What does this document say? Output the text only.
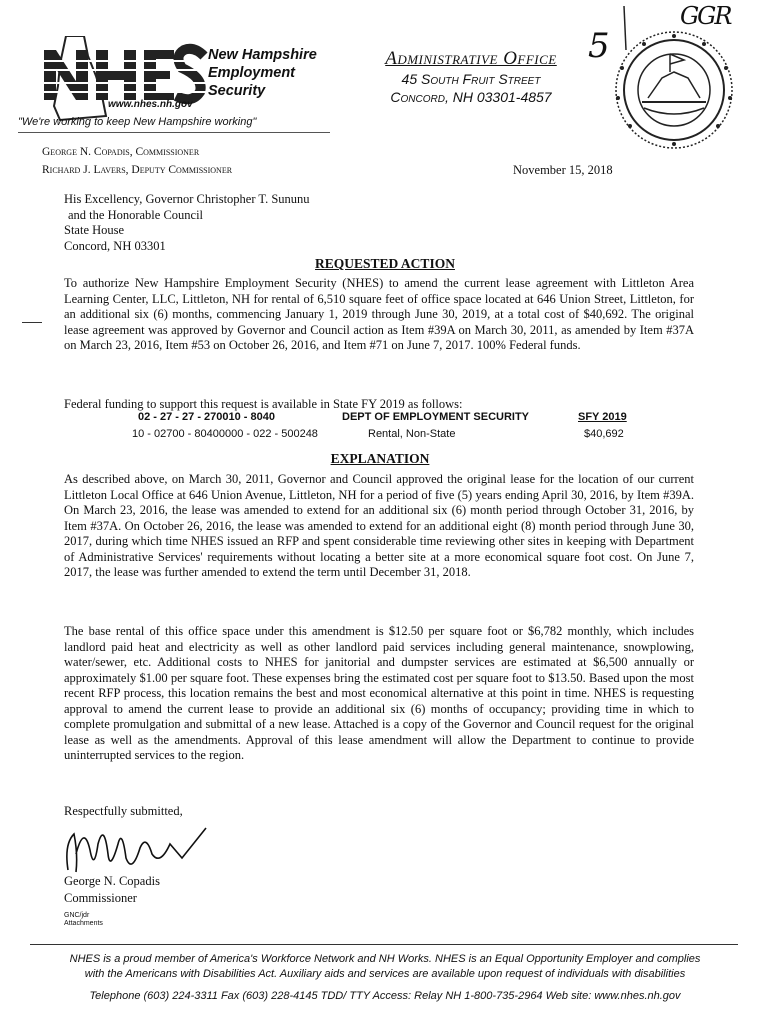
New Hampshire
Employment
Security
www.nhes.nh.gov
"We're working to keep New Hampshire working"
Administrative Office
45 South Fruit Street
Concord, NH 03301-4857
5
GGR
George N. Copadis, Commissioner
Richard J. Lavers, Deputy Commissioner	November 15, 2018
His Excellency, Governor Christopher T. Sununu
and the Honorable Council
State House
Concord, NH 03301
REQUESTED ACTION
To authorize New Hampshire Employment Security (NHES) to amend the current lease agreement with Littleton Area Learning Center, LLC, Littleton, NH for rental of 6,510 square feet of office space located at 646 Union Street, Littleton, for an additional six (6) months, commencing January 1, 2019 through June 30, 2019, at a total cost of $40,692. The original lease agreement was approved by Governor and Council action as Item #39A on March 30, 2011, as amended by Item #37A on March 23, 2016, Item #53 on October 26, 2016, and Item #71 on June 7, 2017. 100% Federal funds.
Federal funding to support this request is available in State FY 2019 as follows:
02 - 27 - 27 - 270010 - 8040	DEPT OF EMPLOYMENT SECURITY	SFY 2019
10 - 02700 - 80400000 - 022 - 500248	Rental, Non-State	$40,692
EXPLANATION
As described above, on March 30, 2011, Governor and Council approved the original lease for the location of our current Littleton Local Office at 646 Union Avenue, Littleton, NH for a period of five (5) years ending April 30, 2016, by Item #39A. On March 23, 2016, the lease was amended to extend for an additional six (6) month period through October 31, 2016, by Item #37A. On October 26, 2016, the lease was amended to extend for an additional eight (8) month period through June 30, 2017, during which time NHES issued an RFP and spent considerable time reviewing other sites in keeping with Department of Administrative Services' requirements without locating a better site at a more economical square foot cost. On June 7, 2017, the lease was further amended to extend the term until December 31, 2018.
The base rental of this office space under this amendment is $12.50 per square foot or $6,782 monthly, which includes landlord paid heat and electricity as well as other landlord paid services including general maintenance, snowplowing, water/sewer, etc. Additional costs to NHES for janitorial and dumpster services are estimated at $6,500 annually or approximately $1.00 per square foot. These expenses bring the estimated cost per square foot to $13.50. Based upon the most recent RFP process, this location remains the best and most economical alternative at this point in time. NHES is requesting approval to amend the current lease to provide an additional six (6) months of occupancy; providing time in which to complete promulgation and submittal of a new lease. Attached is a copy of the Governor and Council request for the original lease as well as the amendments. Approval of this lease amendment will allow the Department to continue to provide uninterrupted services to the region.
Respectfully submitted,
George N. Copadis
Commissioner
GNC/jdr
Attachments
NHES is a proud member of America's Workforce Network and NH Works. NHES is an Equal Opportunity Employer and complies
with the Americans with Disabilities Act. Auxiliary aids and services are available upon request of individuals with disabilities
Telephone (603) 224-3311 Fax (603) 228-4145 TDD/ TTY Access: Relay NH 1-800-735-2964 Web site: www.nhes.nh.gov
